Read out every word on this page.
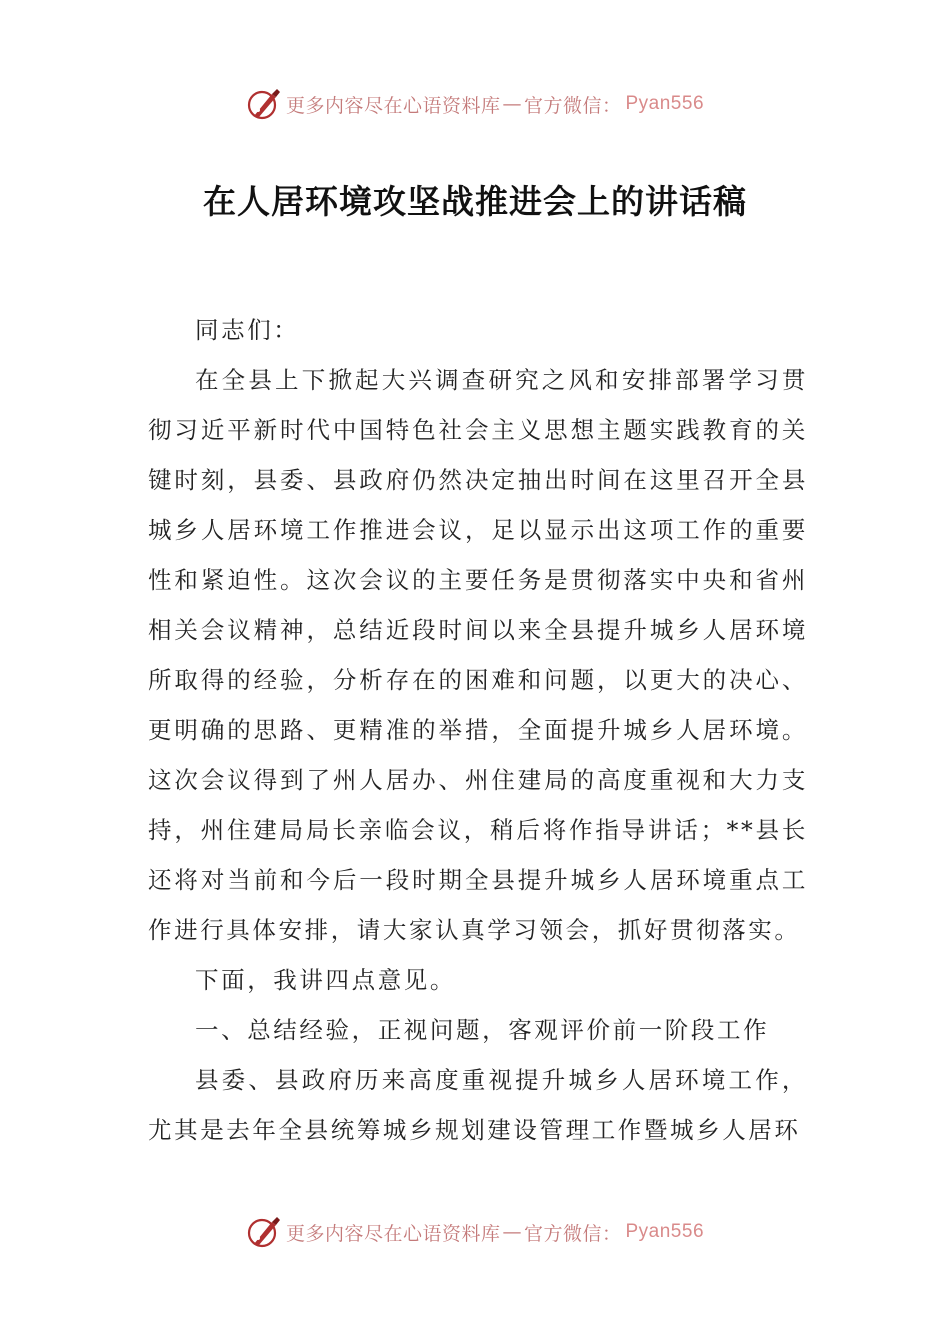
更多内容尽在心语资料库 — 官方微信： Pyan556
在人居环境攻坚战推进会上的讲话稿

同志们：

在全县上下掀起大兴调查研究之风和安排部署学习贯彻习近平新时代中国特色社会主义思想主题实践教育的关键时刻，县委、县政府仍然决定抽出时间在这里召开全县城乡人居环境工作推进会议，足以显示出这项工作的重要性和紧迫性。这次会议的主要任务是贯彻落实中央和省州相关会议精神，总结近段时间以来全县提升城乡人居环境所取得的经验，分析存在的困难和问题，以更大的决心、更明确的思路、更精准的举措，全面提升城乡人居环境。这次会议得到了州人居办、州住建局的高度重视和大力支持，州住建局局长亲临会议，稍后将作指导讲话；**县长还将对当前和今后一段时期全县提升城乡人居环境重点工作进行具体安排，请大家认真学习领会，抓好贯彻落实。

下面，我讲四点意见。

一、总结经验，正视问题，客观评价前一阶段工作

县委、县政府历来高度重视提升城乡人居环境工作，尤其是去年全县统筹城乡规划建设管理工作暨城乡人居环

更多内容尽在心语资料库 — 官方微信： Pyan556
